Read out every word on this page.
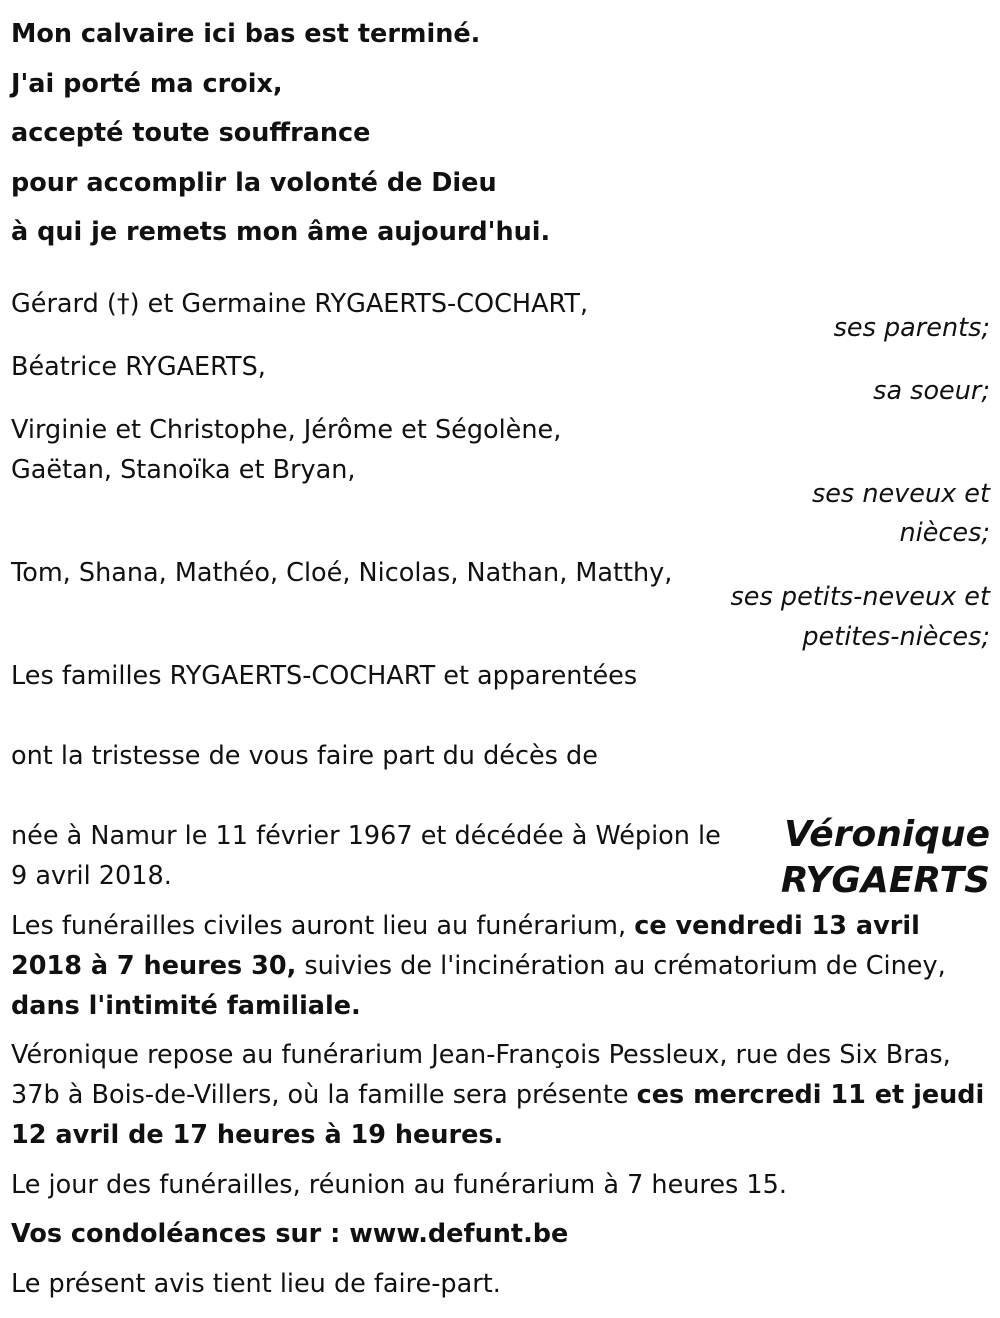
Mon calvaire ici bas est terminé.
J'ai porté ma croix,
accepté toute souffrance
pour accomplir la volonté de Dieu
à qui je remets mon âme aujourd'hui.
Gérard (†) et Germaine RYGAERTS-COCHART,
ses parents;
Béatrice RYGAERTS,
sa soeur;
Virginie et Christophe, Jérôme et Ségolène,
Gaëtan, Stanoïka et Bryan,
ses neveux et
nièces;
Tom, Shana, Mathéo, Cloé, Nicolas, Nathan, Matthy,
ses petits-neveux et
petites-nièces;
Les familles RYGAERTS-COCHART et apparentées
ont la tristesse de vous faire part du décès de
Véronique
RYGAERTS
née à Namur le 11 février 1967 et décédée à Wépion le
9 avril 2018.

Les funérailles civiles auront lieu au funérarium, ce vendredi 13 avril 2018 à 7 heures 30, suivies de l'incinération au crématorium de Ciney, dans l'intimité familiale.

Véronique repose au funérarium Jean-François Pessleux, rue des Six Bras, 37b à Bois-de-Villers, où la famille sera présente ces mercredi 11 et jeudi 12 avril de 17 heures à 19 heures.

Le jour des funérailles, réunion au funérarium à 7 heures 15.
Vos condoléances sur : www.defunt.be
Le présent avis tient lieu de faire-part.
